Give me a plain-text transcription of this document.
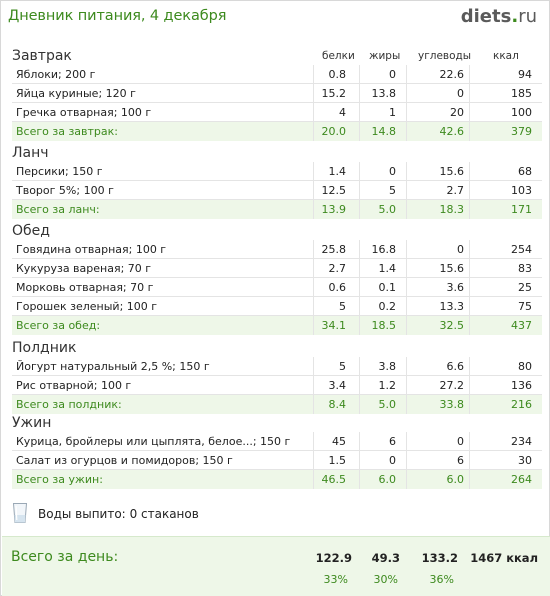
Дневник питания, 4 декабря	diets.ru
Воды выпито: 0 стаканов
Всего за день:	122.9	49.3	133.2 1467 ккал
33%	30%	36%
белки жиры углеводы ккал
Завтрак
Яблоки; 200 г	0.8	0	22.6	94
Яйца куриные; 120 г	15.2	13.8	0	185
Гречка отварная; 100 г	4	1	20	100
Всего за завтрак:	20.0	14.8	42.6	379
Ланч
Персики; 150 г	1.4	0	15.6	68
Творог 5%; 100 г	12.5	5	2.7	103
Всего за ланч:	13.9	5.0	18.3	171
Обед
Говядина отварная; 100 г	25.8	16.8	0	254
Кукуруза вареная; 70 г	2.7	1.4	15.6	83
Морковь отварная; 70 г	0.6	0.1	3.6	25
Горошек зеленый; 100 г	5	0.2	13.3	75
Всего за обед:	34.1	18.5	32.5	437
Полдник
Йогурт натуральный 2,5 %; 150 г	5	3.8	6.6	80
Рис отварной; 100 г	3.4	1.2	27.2	136
Всего за полдник:	8.4	5.0	33.8	216
Ужин
Курица, бройлеры или цыплята, белое...; 150 г	45	6	0	234
Салат из огурцов и помидоров; 150 г	1.5	0	6	30
Всего за ужин:	46.5	6.0	6.0	264
